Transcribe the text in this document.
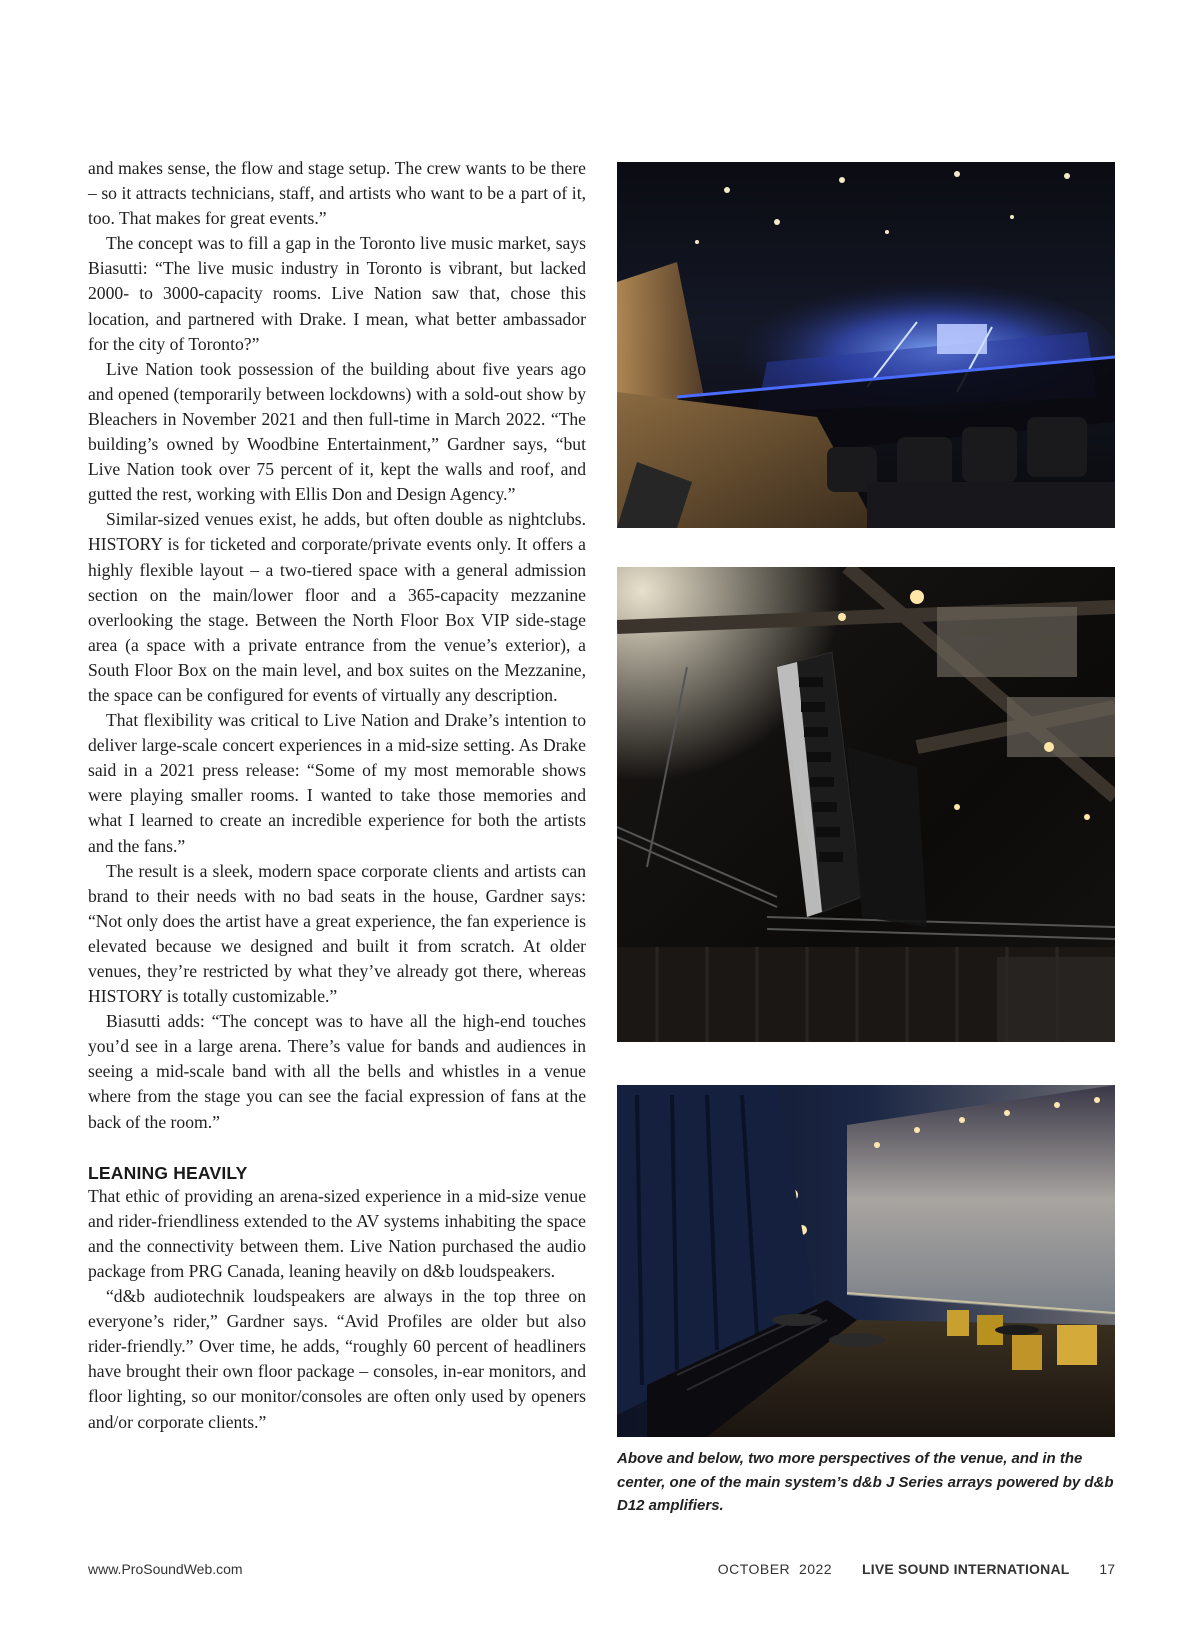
and makes sense, the flow and stage setup. The crew wants to be there – so it attracts technicians, staff, and artists who want to be a part of it, too. That makes for great events.”

The concept was to fill a gap in the Toronto live music market, says Biasutti: “The live music industry in Toronto is vibrant, but lacked 2000- to 3000-capacity rooms. Live Nation saw that, chose this location, and partnered with Drake. I mean, what better ambassador for the city of Toronto?”

Live Nation took possession of the building about five years ago and opened (temporarily between lockdowns) with a sold-out show by Bleachers in November 2021 and then full-time in March 2022. “The building’s owned by Woodbine Entertainment,” Gardner says, “but Live Nation took over 75 percent of it, kept the walls and roof, and gutted the rest, working with Ellis Don and Design Agency.”

Similar-sized venues exist, he adds, but often double as nightclubs. HISTORY is for ticketed and corporate/private events only. It offers a highly flexible layout – a two-tiered space with a general admission section on the main/lower floor and a 365-capacity mezzanine overlooking the stage. Between the North Floor Box VIP side-stage area (a space with a private entrance from the venue’s exterior), a South Floor Box on the main level, and box suites on the Mezzanine, the space can be configured for events of virtually any description.

That flexibility was critical to Live Nation and Drake’s intention to deliver large-scale concert experiences in a mid-size setting. As Drake said in a 2021 press release: “Some of my most memorable shows were playing smaller rooms. I wanted to take those memories and what I learned to create an incredible experience for both the artists and the fans.”

The result is a sleek, modern space corporate clients and artists can brand to their needs with no bad seats in the house, Gardner says: “Not only does the artist have a great experience, the fan experience is elevated because we designed and built it from scratch. At older venues, they’re restricted by what they’ve already got there, whereas HISTORY is totally customizable.”

Biasutti adds: “The concept was to have all the high-end touches you’d see in a large arena. There’s value for bands and audiences in seeing a mid-scale band with all the bells and whistles in a venue where from the stage you can see the facial expression of fans at the back of the room.”

LEANING HEAVILY

That ethic of providing an arena-sized experience in a mid-size venue and rider-friendliness extended to the AV systems inhabiting the space and the connectivity between them. Live Nation purchased the audio package from PRG Canada, leaning heavily on d&b loudspeakers.

“d&b audiotechnik loudspeakers are always in the top three on everyone’s rider,” Gardner says. “Avid Profiles are older but also rider-friendly.” Over time, he adds, “roughly 60 percent of headliners have brought their own floor package – consoles, in-ear monitors, and floor lighting, so our monitor/consoles are often only used by openers and/or corporate clients.”

Above and below, two more perspectives of the venue, and in the center, one of the main system’s d&b J Series arrays powered by d&b D12 amplifiers.
www.ProSoundWeb.com	OCTOBER  2022 LIVE SOUND INTERNATIONAL 17
